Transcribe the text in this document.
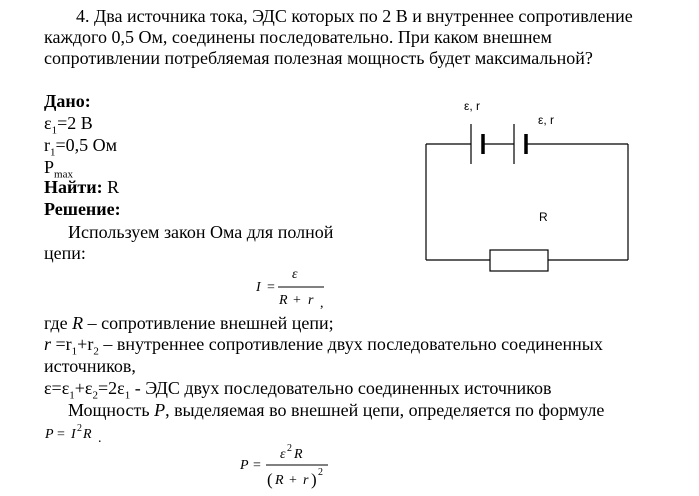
4. Два источника тока, ЭДС которых по 2 В и внутреннее сопротивление
каждого 0,5 Ом, соединены последовательно. При каком внешнем
сопротивлении потребляемая полезная мощность будет максимальной?
Дано:
$\varepsilon_1=2$ В
$r_1=0,5$ Ом
$P_{max}$
Найти: R
Решение:
Используем закон Ома для полной
цепи:
I =
ε
R + r ,
где R – сопротивление внешней цепи;
$r =r_1+r_2$ – внутреннее сопротивление двух последовательно соединенных
источников,
$\varepsilon=\varepsilon_1+\varepsilon_2=2\varepsilon_1$ - ЭДС двух последовательно соединенных источников
Мощность P, выделяемая во внешней цепи, определяется по формуле
P = I 2 R .
P =
ε 2 R
( R + r ) 2
ε, r
ε, r
R
